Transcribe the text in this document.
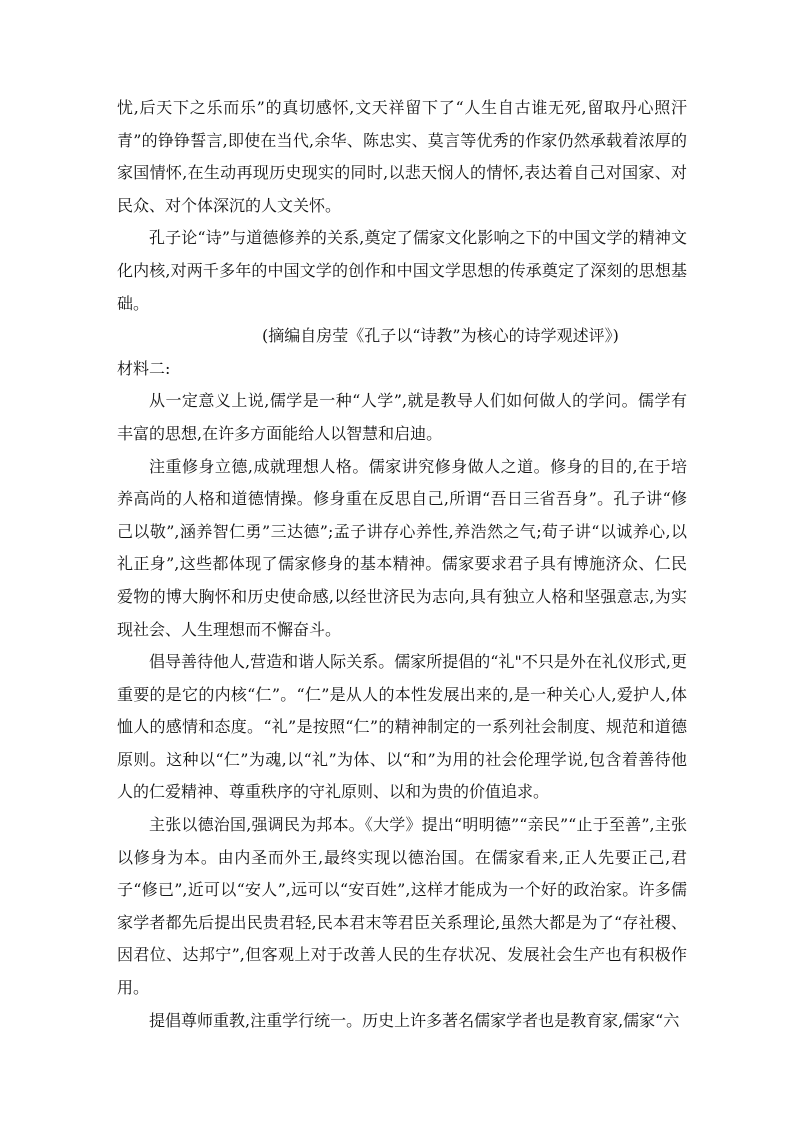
忧,后天下之乐而乐”的真切感怀,文天祥留下了“人生自古谁无死,留取丹心照汗青”的铮铮誓言,即使在当代,余华、陈忠实、莫言等优秀的作家仍然承载着浓厚的家国情怀,在生动再现历史现实的同时,以悲天悯人的情怀,表达着自己对国家、对民众、对个体深沉的人文关怀。

孔子论“诗”与道德修养的关系,奠定了儒家文化影响之下的中国文学的精神文化内核,对两千多年的中国文学的创作和中国文学思想的传承奠定了深刻的思想基础。

(摘编自房莹《孔子以“诗教”为核心的诗学观述评》)

材料二:

从一定意义上说,儒学是一种“人学”,就是教导人们如何做人的学问。儒学有丰富的思想,在许多方面能给人以智慧和启迪。

注重修身立德,成就理想人格。儒家讲究修身做人之道。修身的目的,在于培养高尚的人格和道德情操。修身重在反思自己,所谓“吾日三省吾身”。孔子讲“修己以敬”,涵养智仁勇”三达德”;孟子讲存心养性,养浩然之气;荀子讲“以诚养心,以礼正身”,这些都体现了儒家修身的基本精神。儒家要求君子具有博施济众、仁民爱物的博大胸怀和历史使命感,以经世济民为志向,具有独立人格和坚强意志,为实现社会、人生理想而不懈奋斗。

倡导善待他人,营造和谐人际关系。儒家所提倡的“礼"不只是外在礼仪形式,更重要的是它的内核“仁”。“仁”是从人的本性发展出来的,是一种关心人,爱护人,体恤人的感情和态度。“礼”是按照“仁”的精神制定的一系列社会制度、规范和道德原则。这种以“仁”为魂,以“礼”为体、以“和”为用的社会伦理学说,包含着善待他人的仁爱精神、尊重秩序的守礼原则、以和为贵的价值追求。

主张以德治国,强调民为邦本。《大学》提出“明明德”“亲民”“止于至善”,主张以修身为本。由内圣而外王,最终实现以德治国。在儒家看来,正人先要正己,君子“修已”,近可以“安人”,远可以“安百姓”,这样才能成为一个好的政治家。许多儒家学者都先后提出民贵君轻,民本君末等君臣关系理论,虽然大都是为了“存社稷、因君位、达邦宁”,但客观上对于改善人民的生存状况、发展社会生产也有积极作用。

提倡尊师重教,注重学行统一。历史上许多著名儒家学者也是教育家,儒家“六
